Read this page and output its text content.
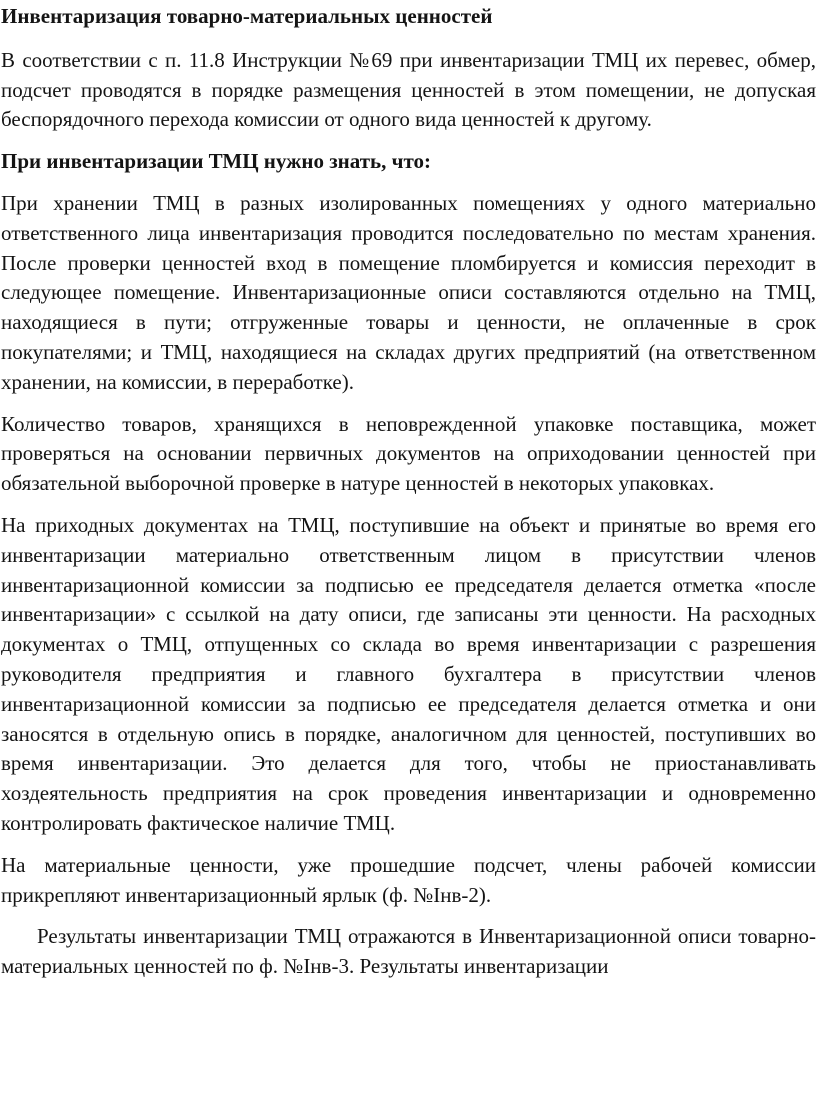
Инвентаризация товарно-материальных ценностей

В соответствии с п. 11.8 Инструкции №69 при инвентаризации ТМЦ их перевес, обмер, подсчет проводятся в порядке размещения ценностей в этом помещении, не допуская беспорядочного перехода комиссии от одного вида ценностей к другому.

При инвентаризации ТМЦ нужно знать, что:

При хранении ТМЦ в разных изолированных помещениях у одного материально ответственного лица инвентаризация проводится последовательно по местам хранения. После проверки ценностей вход в помещение пломбируется и комиссия переходит в следующее помещение. Инвентаризационные описи составляются отдельно на ТМЦ, находящиеся в пути; отгруженные товары и ценности, не оплаченные в срок покупателями; и ТМЦ, находящиеся на складах других предприятий (на ответственном хранении, на комиссии, в переработке).

Количество товаров, хранящихся в неповрежденной упаковке поставщика, может проверяться на основании первичных документов на оприходовании ценностей при обязательной выборочной проверке в натуре ценностей в некоторых упаковках.

На приходных документах на ТМЦ, поступившие на объект и принятые во время его инвентаризации материально ответственным лицом в присутствии членов инвентаризационной комиссии за подписью ее председателя делается отметка «после инвентаризации» с ссылкой на дату описи, где записаны эти ценности. На расходных документах о ТМЦ, отпущенных со склада во время инвентаризации с разрешения руководителя предприятия и главного бухгалтера в присутствии членов инвентаризационной комиссии за подписью ее председателя делается отметка и они заносятся в отдельную опись в порядке, аналогичном для ценностей, поступивших во время инвентаризации. Это делается для того, чтобы не приостанавливать хоздеятельность предприятия на срок проведения инвентаризации и одновременно контролировать фактическое наличие ТМЦ.

На материальные ценности, уже прошедшие подсчет, члены рабочей комиссии прикрепляют инвентаризационный ярлык (ф. №Iнв-2).

Результаты инвентаризации ТМЦ отражаются в Инвентаризационной описи товарно-материальных ценностей по ф. №Iнв-3. Результаты инвентаризации
